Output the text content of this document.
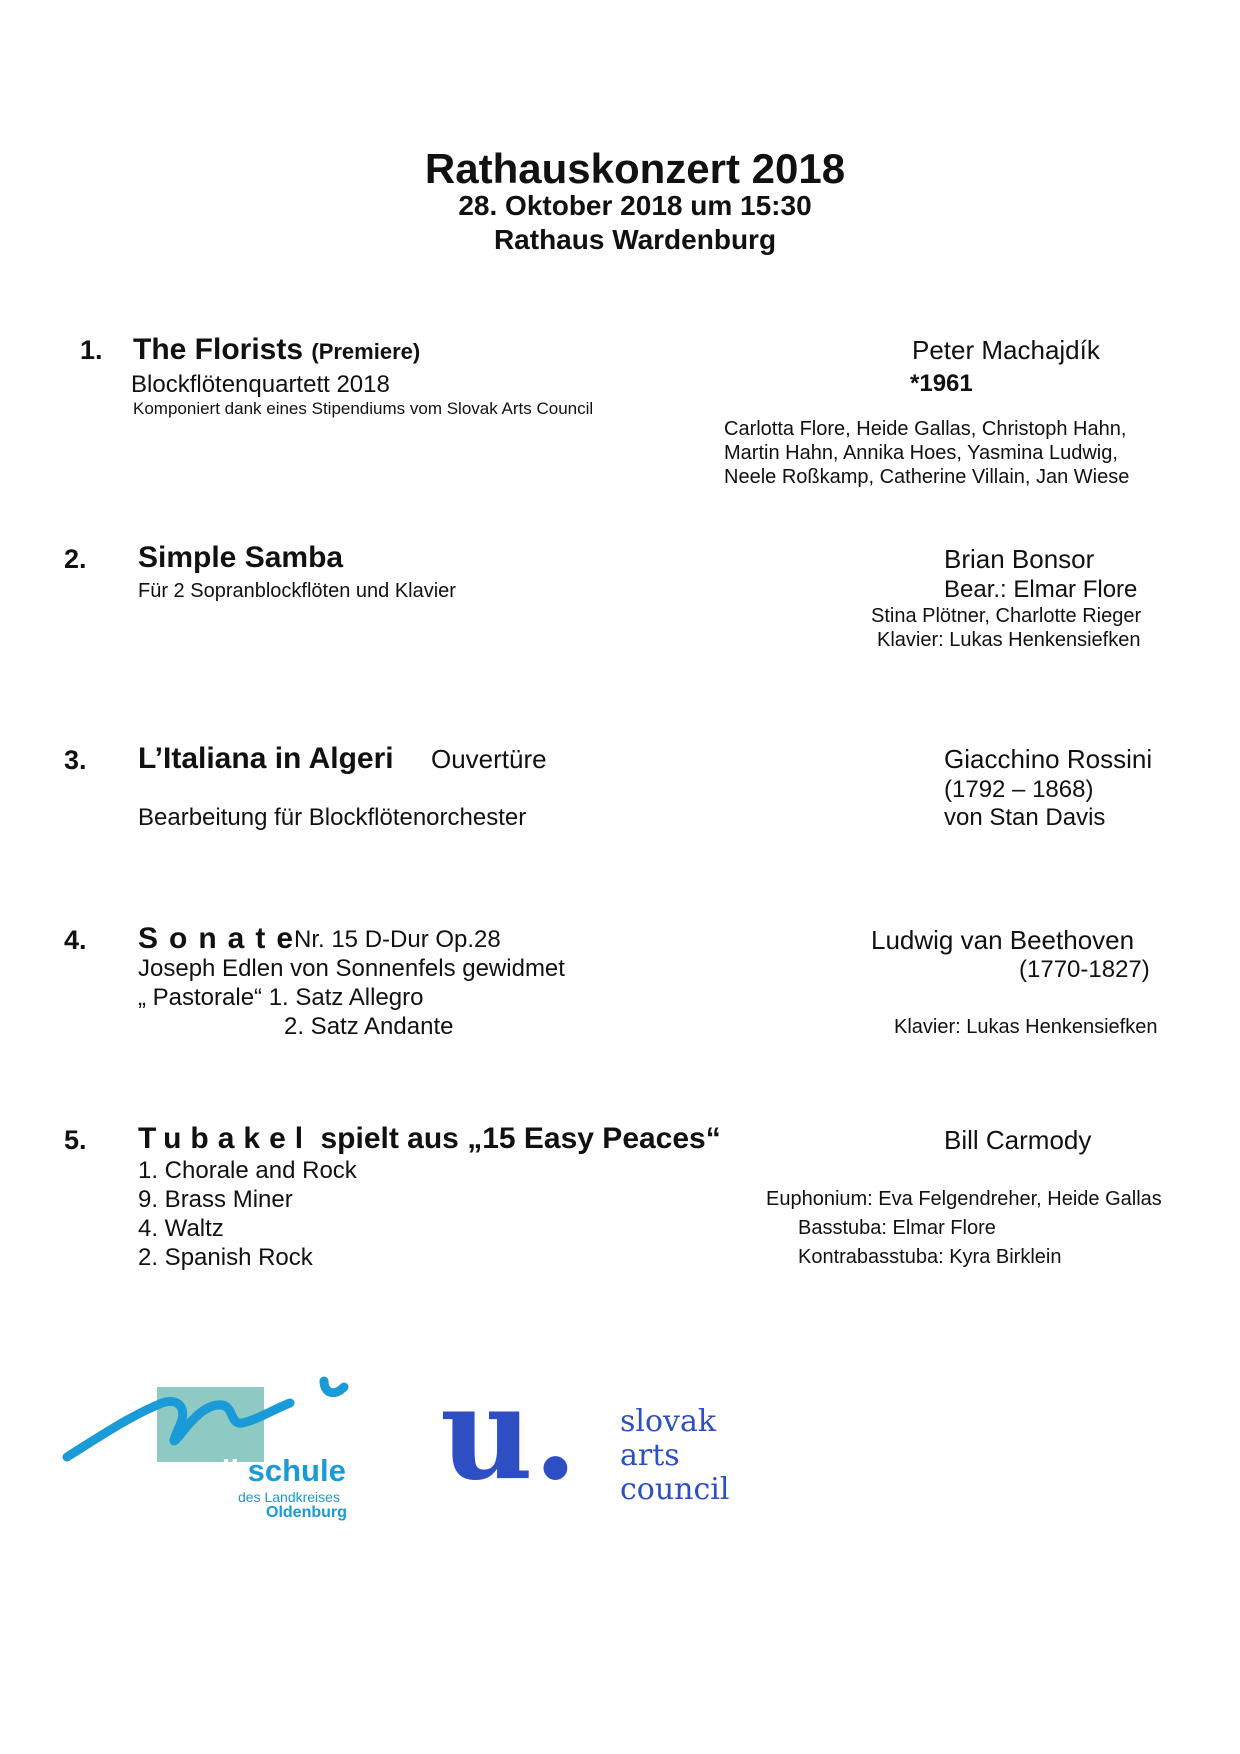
Rathauskonzert 2018
28. Oktober 2018 um 15:30
Rathaus Wardenburg
1. The Florists (Premiere)
Blockflötenquartett 2018
Komponiert dank eines Stipendiums vom Slovak Arts Council
Peter Machajdík
*1961
Carlotta Flore, Heide Gallas, Christoph Hahn,
Martin Hahn, Annika Hoes, Yasmina Ludwig,
Neele Roßkamp, Catherine Villain, Jan Wiese
2. Simple Samba
Für 2 Sopranblockflöten und Klavier
Brian Bonsor
Bear.: Elmar Flore
Stina Plötner, Charlotte Rieger
Klavier: Lukas Henkensiefken
3. L’Italiana in Algeri Ouvertüre
Bearbeitung für Blockflötenorchester
Giacchino Rossini
(1792 – 1868)
von Stan Davis
4. Sonate
Nr. 15 D-Dur Op.28
Joseph Edlen von Sonnenfels gewidmet
„ Pastorale“ 1. Satz Allegro
2. Satz Andante
Ludwig van Beethoven
(1770-1827)
Klavier: Lukas Henkensiefken
5. Tubakel spielt aus „15 Easy Peaces“
1. Chorale and Rock
9. Brass Miner
4. Waltz
2. Spanish Rock
Bill Carmody
Euphonium: Eva Felgendreher, Heide Gallas
Basstuba: Elmar Flore
Kontrabasstuba: Kyra Birklein
musikschule
des Landkreises
Oldenburg
u. slovak
arts
council
